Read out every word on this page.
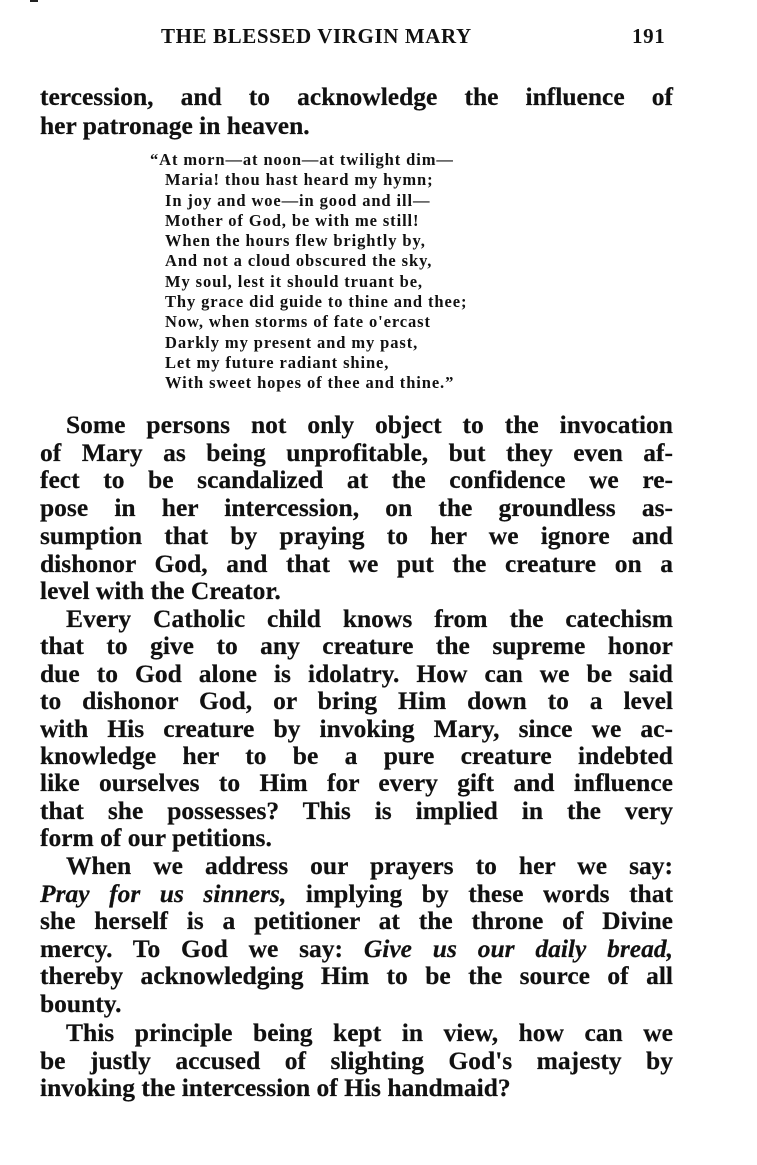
THE BLESSED VIRGIN MARY	191
tercession, and to acknowledge the influence of
her patronage in heaven.
Some persons not only object to the invocation
of Mary as being unprofitable, but they even af-
fect to be scandalized at the confidence we re-
pose in her intercession, on the groundless as-
sumption that by praying to her we ignore and
dishonor God, and that we put the creature on a
level with the Creator.
Every Catholic child knows from the catechism
that to give to any creature the supreme honor
due to God alone is idolatry. How can we be said
to dishonor God, or bring Him down to a level
with His creature by invoking Mary, since we ac-
knowledge her to be a pure creature indebted
like ourselves to Him for every gift and influence
that she possesses? This is implied in the very
form of our petitions.
When we address our prayers to her we say:
Pray for us sinners, implying by these words that
she herself is a petitioner at the throne of Divine
mercy. To God we say: Give us our daily bread,
thereby acknowledging Him to be the source of all
bounty.
This principle being kept in view, how can we
be justly accused of slighting God's majesty by
invoking the intercession of His handmaid?
“At morn—at noon—at twilight dim—
Maria! thou hast heard my hymn;
In joy and woe—in good and ill—
Mother of God, be with me still!
When the hours flew brightly by,
And not a cloud obscured the sky,
My soul, lest it should truant be,
Thy grace did guide to thine and thee;
Now, when storms of fate o'ercast
Darkly my present and my past,
Let my future radiant shine,
With sweet hopes of thee and thine.”
